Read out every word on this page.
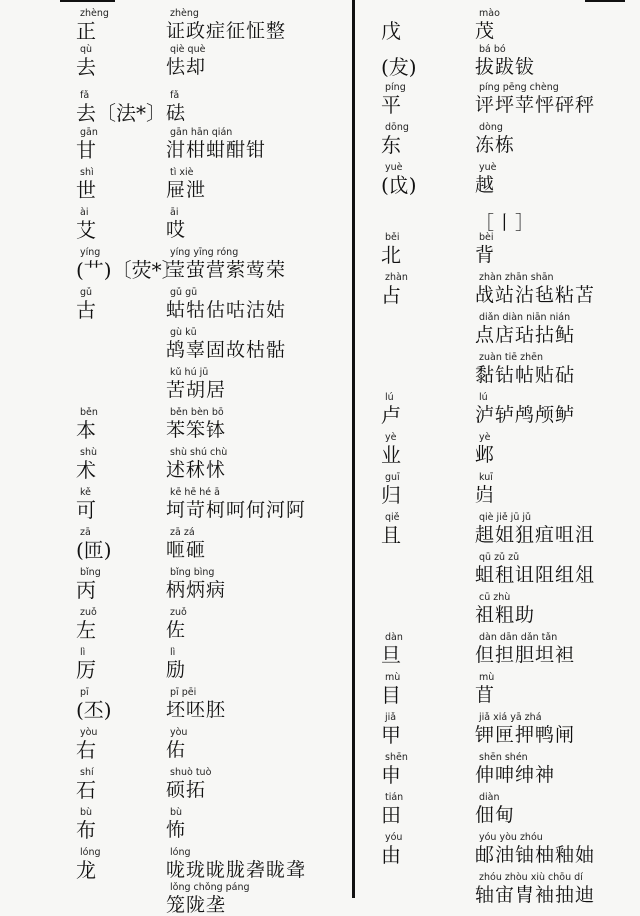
zhèng
正
zhèng
证政症征怔整
qù
去
qiè què
怯却
fǎ
去〔法*〕
fǎ
砝
gān
甘
gān hān qián
泔柑蚶酣钳
shì
世
tì xiè
屉泄
ài
艾
āi
哎
yíng
(艹)〔荧*〕
yíng yīng róng
莹萤营萦莺荣
gǔ
古
gǔ gū
蛄牯估咕沽姑
gù kū
鸪辜固故枯骷
kǔ hú jū
苦胡居
běn
本
běn bèn bō
苯笨钵
shù
术
shù shú chù
述秫怵
kě
可
kē hē hé ā
坷苛柯呵何河阿
zā
(匝)
zā zá
咂砸
bǐng
丙
bǐng bìng
柄炳病
zuǒ
左
zuǒ
佐
lì
厉
lì
励
pī
(丕)
pī pēi
坯呸胚
yòu
右
yòu
佑
shí
石
shuò tuò
硕拓
bù
布
bù
怖
lóng
龙
lóng
咙珑昽胧砻眬聋
lǒng chǒng páng
笼陇垄
戊
mào
茂
(犮)
bá bó
拔跋钹
píng
平
píng pēng chèng
评坪苹怦砰秤
dōng
东
dòng
冻栋
yuè
(戉)
yuè
越
［丨］
běi
北
bèi
背
zhàn
占
zhàn zhān shān
战站沾毡粘苫
diǎn diàn niān nián
点店玷拈鲇
zuàn tiē zhēn
黏钻帖贴砧
lú
卢
lú
泸轳鸬颅鲈
yè
业
yè
邺
guī
归
kuī
岿
qiě
且
qiè jiě jū jǔ
趄姐狙疽咀沮
qū zǔ zǔ
蛆租诅阻组俎
cū zhù
祖粗助
dàn
旦
dàn dān dǎn tǎn
但担胆坦袒
mù
目
mù
苜
jiǎ
甲
jiǎ xiá yā zhá
钾匣押鸭闸
shēn
申
shēn shén
伸呻绅神
tián
田
diàn
佃甸
yóu
由
yóu yòu zhóu
邮油铀柚釉妯
zhóu zhòu xiù chōu dí
轴宙胄袖抽迪
